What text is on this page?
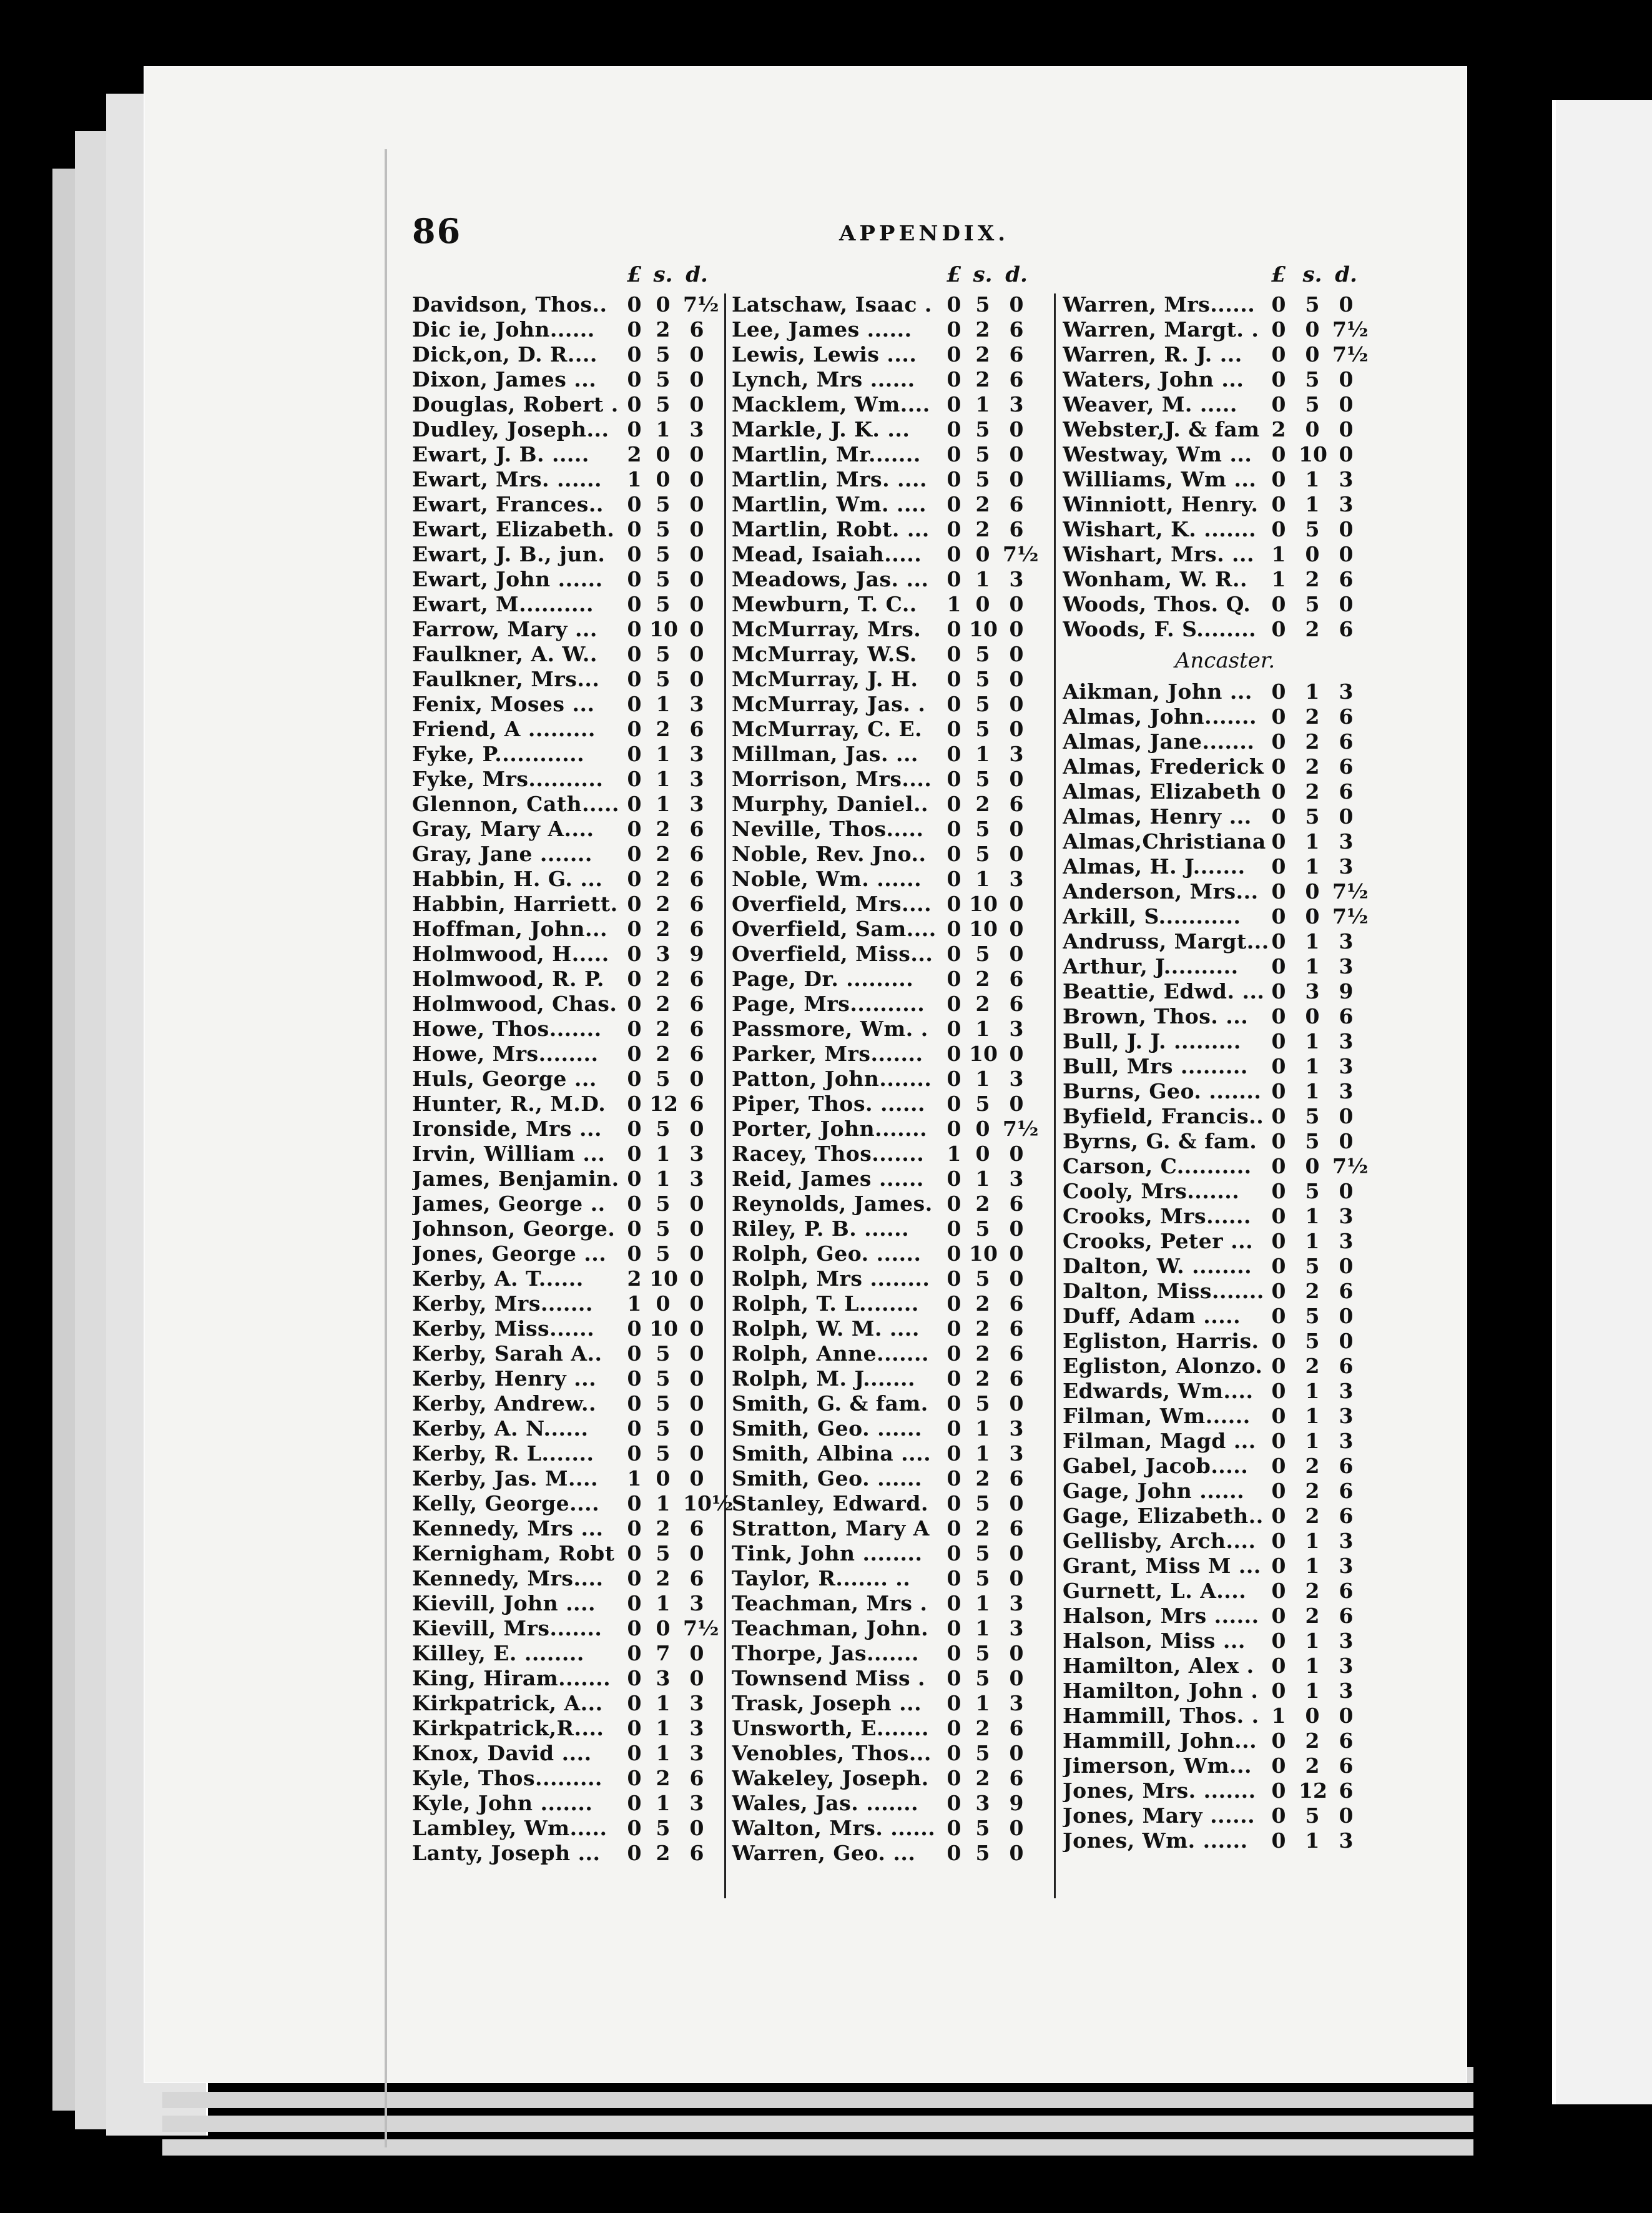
86	APPENDIX.
£ s. d.
Davidson, Thos.. 0 0 7½
Dic ie, John......	0 2 6
Dick,on, D. R....	0 5 0
Dixon, James ...	0 5 0
Douglas, Robert . 0 5 0
Dudley, Joseph... 0 1 3
Ewart, J. B. .....	2 0 0
Ewart, Mrs. ......	1 0 0
Ewart, Frances..	0 5 0
Ewart, Elizabeth. 0 5 0
Ewart, J. B., jun.	0 5 0
Ewart, John ......	0 5 0
Ewart, M..........	0 5 0
Farrow, Mary ...	0 10 0
Faulkner, A. W..	0 5 0
Faulkner, Mrs...	0 5 0
Fenix, Moses ...	0 1 3
Friend, A .........	0 2 6
Fyke, P............	0 1 3
Fyke, Mrs..........	0 1 3
Glennon, Cath..... 0 1 3
Gray, Mary A....	0 2 6
Gray, Jane .......	0 2 6
Habbin, H. G. ...	0 2 6
Habbin, Harriett. 0 2 6
Hoffman, John... 0 2 6
Holmwood, H..... 0 3 9
Holmwood, R. P.	0 2 6
Holmwood, Chas. 0 2 6
Howe, Thos.......	0 2 6
Howe, Mrs........	0 2 6
Huls, George ...	0 5 0
Hunter, R., M.D.	0 12 6
Ironside, Mrs ...	0 5 0
Irvin, William ...	0 1 3
James, Benjamin. 0 1 3
James, George ..	0 5 0
Johnson, George. 0 5 0
Jones, George ...	0 5 0
Kerby, A. T......	2 10 0
Kerby, Mrs.......	1 0 0
Kerby, Miss......	0 10 0
Kerby, Sarah A..	0 5 0
Kerby, Henry ...	0 5 0
Kerby, Andrew..	0 5 0
Kerby, A. N......	0 5 0
Kerby, R. L.......	0 5 0
Kerby, Jas. M....	1 0 0
Kelly, George....	0 1 10½
Kennedy, Mrs ...	0 2 6
Kernigham, Robt 0 5 0
Kennedy, Mrs....	0 2 6
Kievill, John ....	0 1 3
Kievill, Mrs.......	0 0 7½
Killey, E. ........	0 7 0
King, Hiram....... 0 3 0
Kirkpatrick, A...	0 1 3
Kirkpatrick,R....	0 1 3
Knox, David ....	0 1 3
Kyle, Thos.........	0 2 6
Kyle, John .......	0 1 3
Lambley, Wm..... 0 5 0
Lanty, Joseph ...	0 2 6
£ s. d.
Latschaw, Isaac . 0 5 0
Lee, James ......	0 2 6
Lewis, Lewis ....	0 2 6
Lynch, Mrs ......	0 2 6
Macklem, Wm.... 0 1 3
Markle, J. K. ...	0 5 0
Martlin, Mr.......	0 5 0
Martlin, Mrs. .... 0 5 0
Martlin, Wm. .... 0 2 6
Martlin, Robt. ... 0 2 6
Mead, Isaiah.....	0 0 7½
Meadows, Jas. ... 0 1 3
Mewburn, T. C..	1 0 0
McMurray, Mrs.	0 10 0
McMurray, W.S.	0 5 0
McMurray, J. H.	0 5 0
McMurray, Jas. .	0 5 0
McMurray, C. E.	0 5 0
Millman, Jas. ...	0 1 3
Morrison, Mrs.... 0 5 0
Murphy, Daniel.. 0 2 6
Neville, Thos.....	0 5 0
Noble, Rev. Jno.. 0 5 0
Noble, Wm. ......	0 1 3
Overfield, Mrs.... 0 10 0
Overfield, Sam.... 0 10 0
Overfield, Miss... 0 5 0
Page, Dr. .........	0 2 6
Page, Mrs..........	0 2 6
Passmore, Wm. . 0 1 3
Parker, Mrs.......	0 10 0
Patton, John....... 0 1 3
Piper, Thos. ......	0 5 0
Porter, John....... 0 0 7½
Racey, Thos.......	1 0 0
Reid, James ......	0 1 3
Reynolds, James. 0 2 6
Riley, P. B. ......	0 5 0
Rolph, Geo. ......	0 10 0
Rolph, Mrs ........ 0 5 0
Rolph, T. L........	0 2 6
Rolph, W. M. ....	0 2 6
Rolph, Anne....... 0 2 6
Rolph, M. J.......	0 2 6
Smith, G. & fam. 0 5 0
Smith, Geo. ......	0 1 3
Smith, Albina .... 0 1 3
Smith, Geo. ......	0 2 6
Stanley, Edward. 0 5 0
Stratton, Mary A 0 2 6
Tink, John ........	0 5 0
Taylor, R....... ..	0 5 0
Teachman, Mrs . 0 1 3
Teachman, John. 0 1 3
Thorpe, Jas.......	0 5 0
Townsend Miss .	0 5 0
Trask, Joseph ...	0 1 3
Unsworth, E....... 0 2 6
Venobles, Thos... 0 5 0
Wakeley, Joseph. 0 2 6
Wales, Jas. .......	0 3 9
Walton, Mrs. ...... 0 5 0
Warren, Geo. ...	0 5 0
£ s. d.
Warren, Mrs...... 0 5 0
Warren, Margt. . 0 0 7½
Warren, R. J. ...	0 0 7½
Waters, John ...	0 5 0
Weaver, M. .....	0 5 0
Webster,J. & fam 2 0 0
Westway, Wm ... 0 10 0
Williams, Wm ... 0 1 3
Winniott, Henry. 0 1 3
Wishart, K. ....... 0 5 0
Wishart, Mrs. ... 1 0 0
Wonham, W. R..	1 2 6
Woods, Thos. Q.	0 5 0
Woods, F. S........ 0 2 6
Ancaster.
Aikman, John ... 0 1 3
Almas, John....... 0 2 6
Almas, Jane....... 0 2 6
Almas, Frederick 0 2 6
Almas, Elizabeth 0 2 6
Almas, Henry ... 0 5 0
Almas,Christiana 0 1 3
Almas, H. J.......	0 1 3
Anderson, Mrs... 0 0 7½
Arkill, S...........	0 0 7½
Andruss, Margt... 0 1 3
Arthur, J..........	0 1 3
Beattie, Edwd. ... 0 3 9
Brown, Thos. ...	0 0 6
Bull, J. J. .........	0 1 3
Bull, Mrs .........	0 1 3
Burns, Geo. ....... 0 1 3
Byfield, Francis.. 0 5 0
Byrns, G. & fam. 0 5 0
Carson, C.......... 0 0 7½
Cooly, Mrs.......	0 5 0
Crooks, Mrs...... 0 1 3
Crooks, Peter ... 0 1 3
Dalton, W. ........ 0 5 0
Dalton, Miss....... 0 2 6
Duff, Adam .....	0 5 0
Egliston, Harris. 0 5 0
Egliston, Alonzo. 0 2 6
Edwards, Wm.... 0 1 3
Filman, Wm......	0 1 3
Filman, Magd ... 0 1 3
Gabel, Jacob.....	0 2 6
Gage, John ......	0 2 6
Gage, Elizabeth.. 0 2 6
Gellisby, Arch.... 0 1 3
Grant, Miss M ... 0 1 3
Gurnett, L. A....	0 2 6
Halson, Mrs ...... 0 2 6
Halson, Miss ...	0 1 3
Hamilton, Alex . 0 1 3
Hamilton, John . 0 1 3
Hammill, Thos. . 1 0 0
Hammill, John... 0 2 6
Jimerson, Wm... 0 2 6
Jones, Mrs. ....... 0 12 6
Jones, Mary ...... 0 5 0
Jones, Wm. ......	0 1 3
